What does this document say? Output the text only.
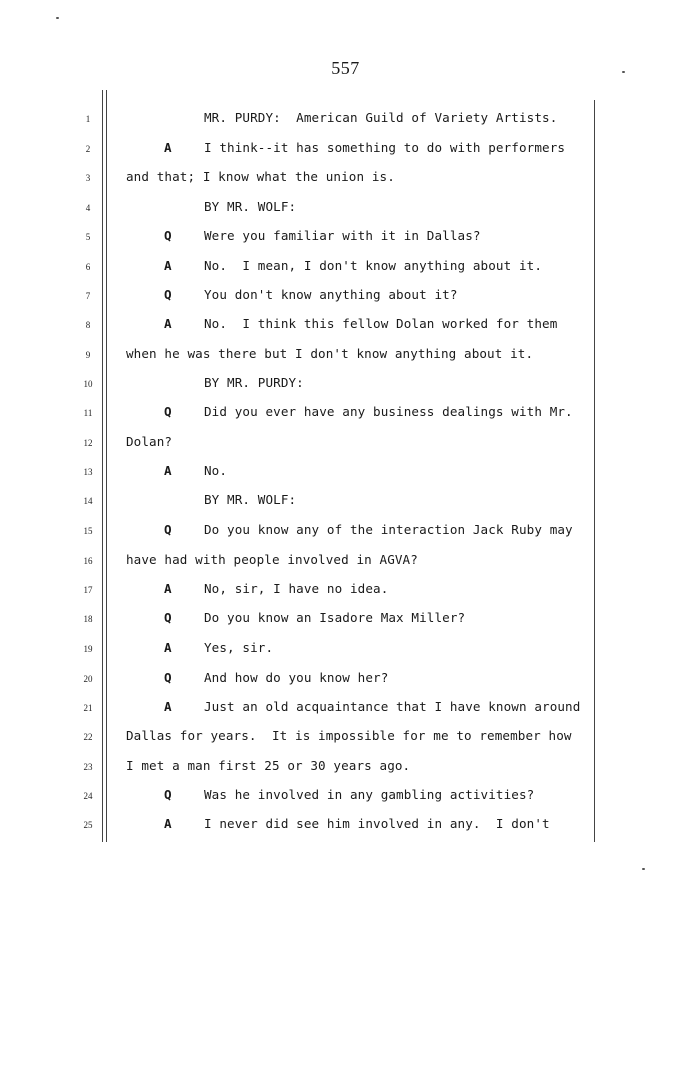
557
1
2
3
4
5
6
7
8
9
10
11
12
13
14
15
16
17
18
19
20
21
22
23
24
25

MR. PURDY:  American Guild of Variety Artists.

A

	I think--it has something to do with performers

and that; I know what the union is.

BY MR. WOLF:

Q

	Were you familiar with it in Dallas?

A

	No.  I mean, I don't know anything about it.

Q

	You don't know anything about it?

A

	No.  I think this fellow Dolan worked for them

when he was there but I don't know anything about it.

BY MR. PURDY:

Q

	Did you ever have any business dealings with Mr.

Dolan?

A

	No.

BY MR. WOLF:

Q

	Do you know any of the interaction Jack Ruby may

have had with people involved in AGVA?

A

	No, sir, I have no idea.

Q

	Do you know an Isadore Max Miller?

A

	Yes, sir.

Q

	And how do you know her?

A

	Just an old acquaintance that I have known around

Dallas for years.  It is impossible for me to remember how

I met a man first 25 or 30 years ago.

Q

	Was he involved in any gambling activities?

A

	I never did see him involved in any.  I don't
